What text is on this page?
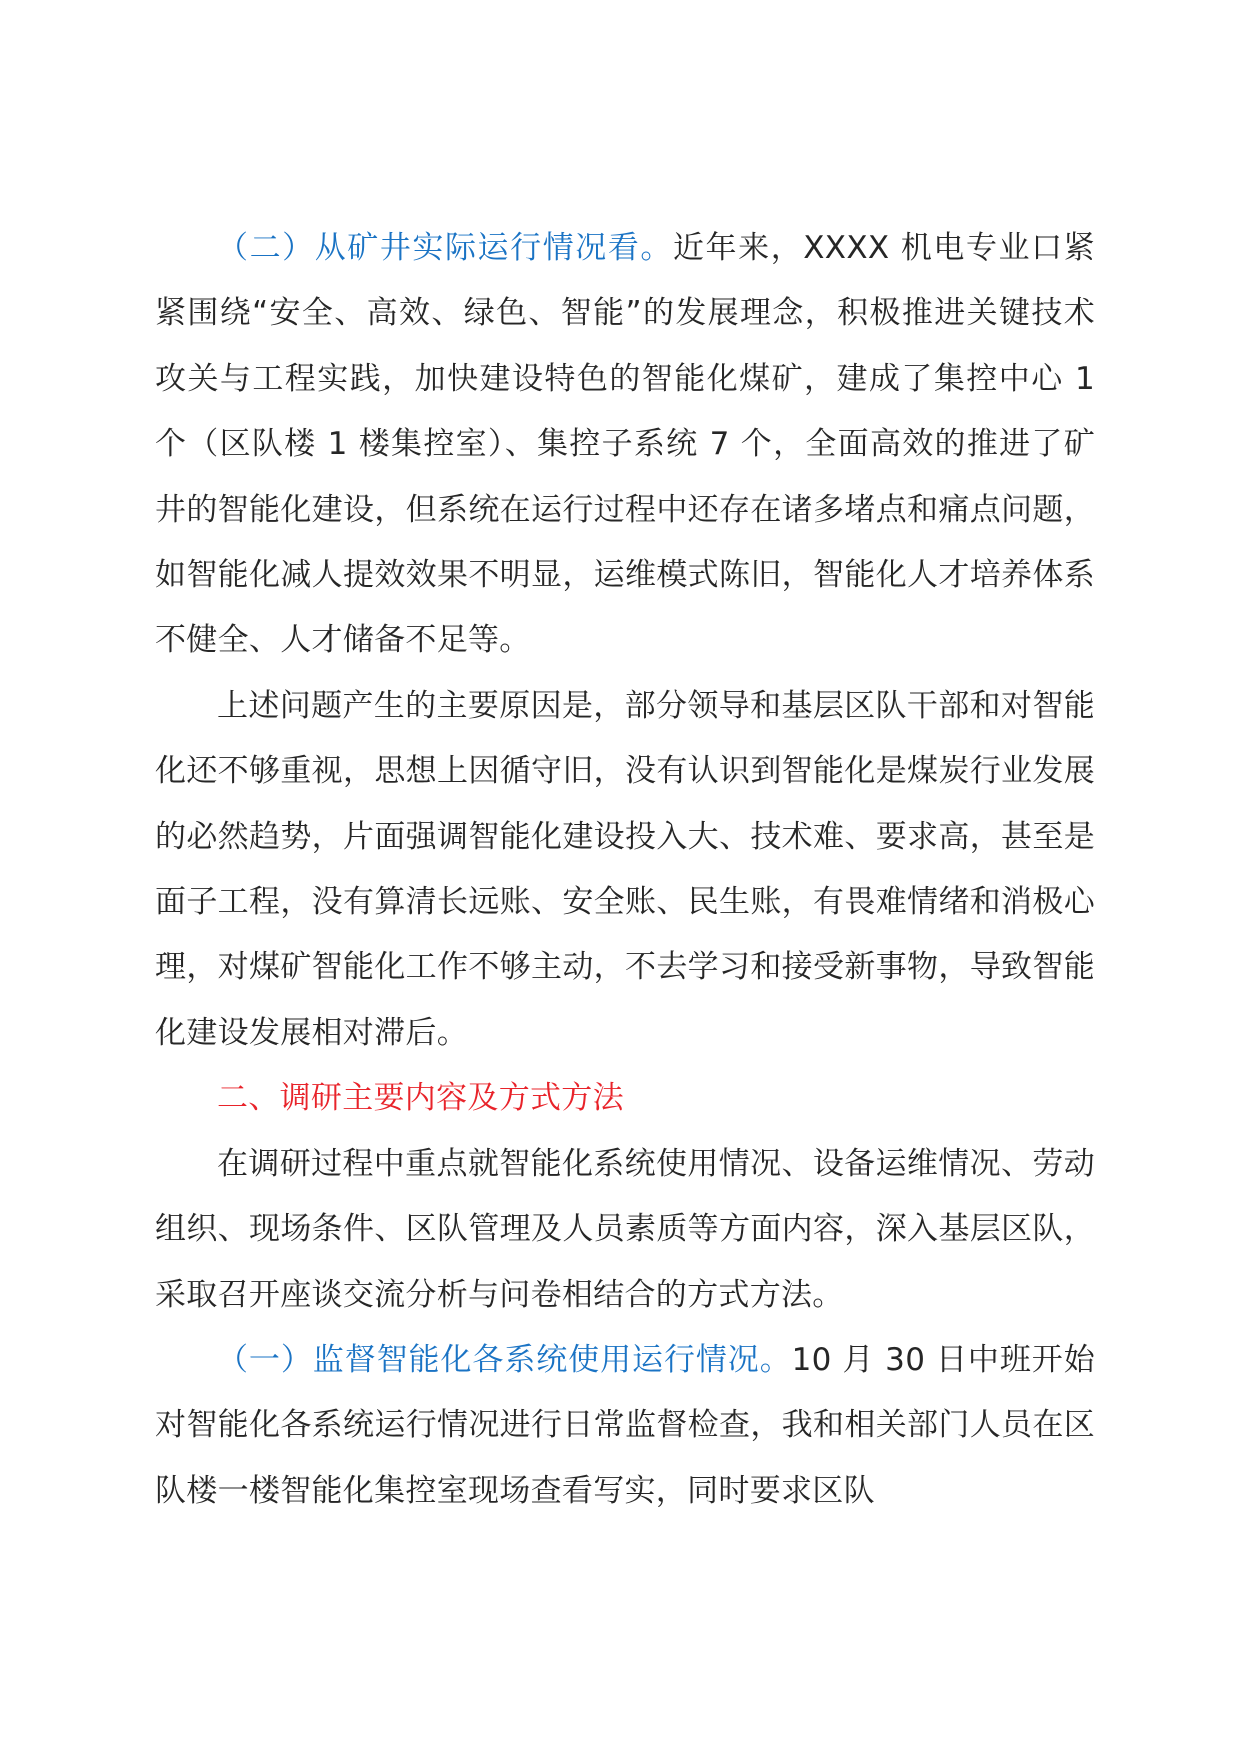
（二）从矿井实际运行情况看。近年来，XXXX 机电专业口紧紧围绕“安全、高效、绿色、智能”的发展理念，积极推进关键技术攻关与工程实践，加快建设特色的智能化煤矿，建成了集控中心 1 个（区队楼 1 楼集控室）、集控子系统 7 个，全面高效的推进了矿井的智能化建设，但系统在运行过程中还存在诸多堵点和痛点问题，如智能化减人提效效果不明显，运维模式陈旧，智能化人才培养体系不健全、人才储备不足等。

上述问题产生的主要原因是，部分领导和基层区队干部和对智能化还不够重视，思想上因循守旧，没有认识到智能化是煤炭行业发展的必然趋势，片面强调智能化建设投入大、技术难、要求高，甚至是面子工程，没有算清长远账、安全账、民生账，有畏难情绪和消极心理，对煤矿智能化工作不够主动，不去学习和接受新事物，导致智能化建设发展相对滞后。

二、调研主要内容及方式方法

在调研过程中重点就智能化系统使用情况、设备运维情况、劳动组织、现场条件、区队管理及人员素质等方面内容，深入基层区队，采取召开座谈交流分析与问卷相结合的方式方法。

（一）监督智能化各系统使用运行情况。10 月 30 日中班开始对智能化各系统运行情况进行日常监督检查，我和相关部门人员在区队楼一楼智能化集控室现场查看写实，同时要求区队
